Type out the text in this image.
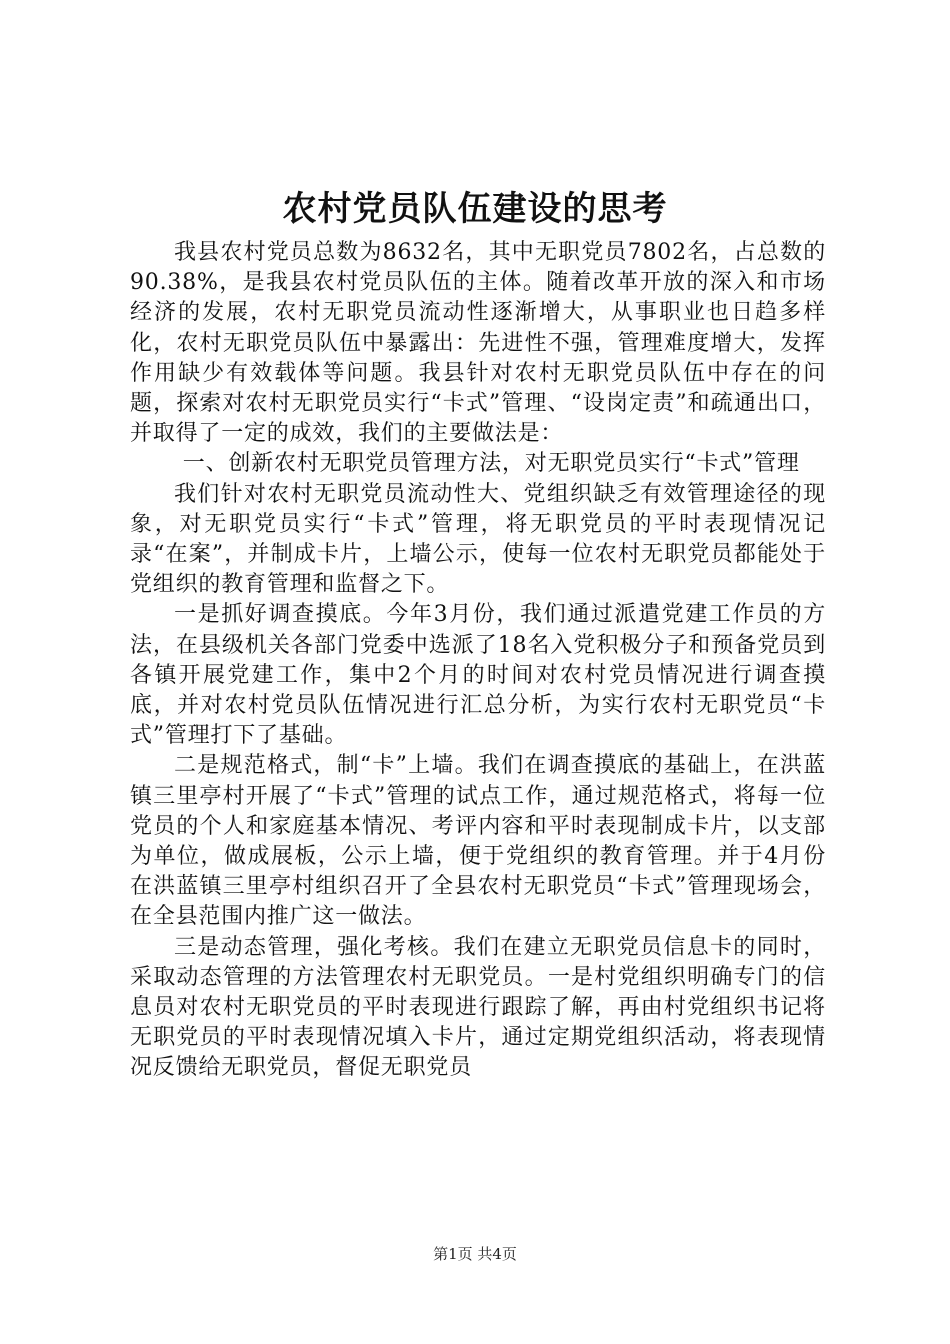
农村党员队伍建设的思考

我县农村党员总数为8632名，其中无职党员7802名，占总数的90.38%，是我县农村党员队伍的主体。随着改革开放的深入和市场经济的发展，农村无职党员流动性逐渐增大，从事职业也日趋多样化，农村无职党员队伍中暴露出：先进性不强，管理难度增大，发挥作用缺少有效载体等问题。我县针对农村无职党员队伍中存在的问题，探索对农村无职党员实行“卡式”管理、“设岗定责”和疏通出口，并取得了一定的成效，我们的主要做法是：

一、创新农村无职党员管理方法，对无职党员实行“卡式”管理

我们针对农村无职党员流动性大、党组织缺乏有效管理途径的现象，对无职党员实行“卡式”管理，将无职党员的平时表现情况记录“在案”，并制成卡片，上墙公示，使每一位农村无职党员都能处于党组织的教育管理和监督之下。

一是抓好调查摸底。今年3月份，我们通过派遣党建工作员的方法，在县级机关各部门党委中选派了18名入党积极分子和预备党员到各镇开展党建工作，集中2个月的时间对农村党员情况进行调查摸底，并对农村党员队伍情况进行汇总分析，为实行农村无职党员“卡式”管理打下了基础。

二是规范格式，制“卡”上墙。我们在调查摸底的基础上，在洪蓝镇三里亭村开展了“卡式”管理的试点工作，通过规范格式，将每一位党员的个人和家庭基本情况、考评内容和平时表现制成卡片，以支部为单位，做成展板，公示上墙，便于党组织的教育管理。并于4月份在洪蓝镇三里亭村组织召开了全县农村无职党员“卡式”管理现场会，在全县范围内推广这一做法。

三是动态管理，强化考核。我们在建立无职党员信息卡的同时，采取动态管理的方法管理农村无职党员。一是村党组织明确专门的信息员对农村无职党员的平时表现进行跟踪了解，再由村党组织书记将无职党员的平时表现情况填入卡片，通过定期党组织活动，将表现情况反馈给无职党员，督促无职党员

第1页 共4页
